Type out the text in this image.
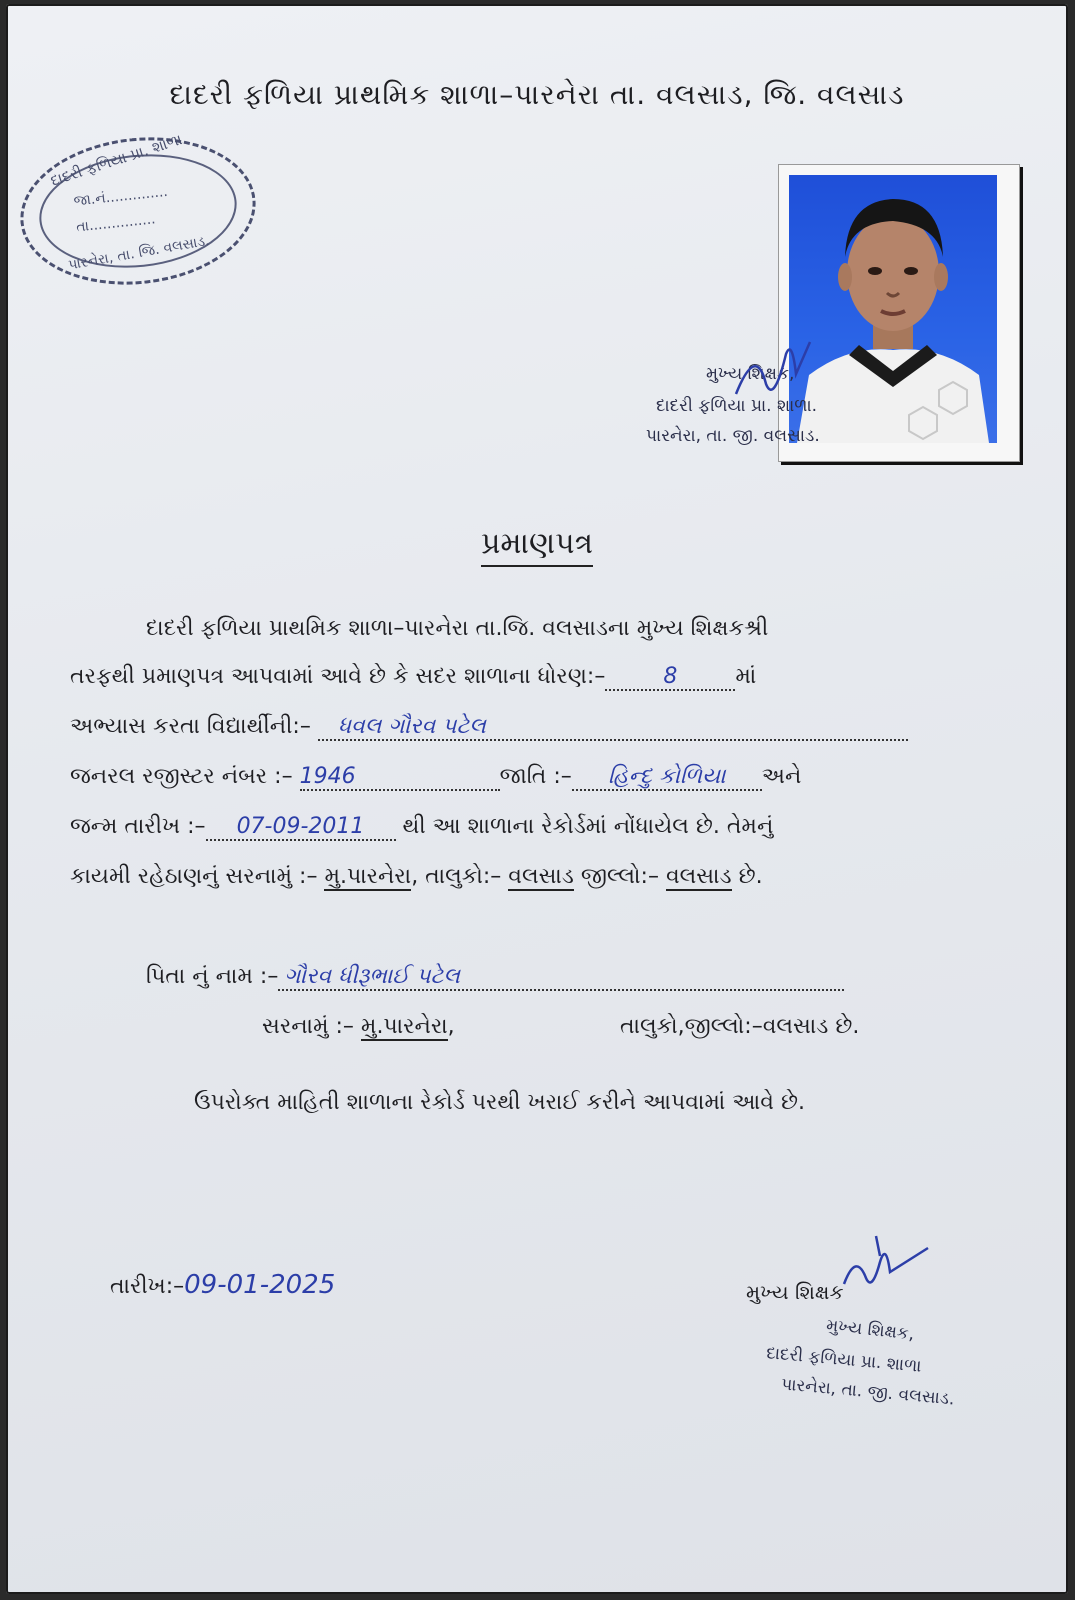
દાદરી ફળિયા પ્રાથમિક શાળા–પારનેરા તા. વલસાડ, જિ. વલસાડ
દાદરી ફળિયા પ્રા. શાળા
જા.નં..............
તા...............
પારનેરા, તા. જિ. વલસાડ.
મુખ્ય શિક્ષક,
દાદરી ફળિયા પ્રા. શાળા.
પારનેરા, તા. જી. વલસાડ.
પ્રમાણપત્ર
દાદરી ફળિયા પ્રાથમિક શાળા–પારનેરા તા.જિ. વલસાડના મુખ્ય શિક્ષકશ્રી
તરફથી પ્રમાણપત્ર આપવામાં આવે છે કે સદર શાળાના ધોરણ:–	8	માં
અભ્યાસ કરતા વિદ્યાર્થીની:– ધવલ ગૌરવ પટેલ
જનરલ રજીસ્ટર નંબર :– 1946	જાતિ :– હિન્દુ કોળિયા અને
જન્મ તારીખ :– 07-09-2011 થી આ શાળાના રેકોર્ડમાં નોંધાયેલ છે. તેમનું
કાયમી રહેઠાણનું સરનામું :– મુ.પારનેરા, તાલુકો:– વલસાડ જીલ્લો:– વલસાડ છે.
પિતા નું નામ :– ગૌરવ ધીરૂભાઈ પટેલ
સરનામું :– મુ.પારનેરા,	તાલુકો,જીલ્લો:–વલસાડ છે.
ઉપરોક્ત માહિતી શાળાના રેકોર્ડ પરથી ખરાઈ કરીને આપવામાં આવે છે.
તારીખ:–09-01-2025	મુખ્ય શિક્ષક
મુખ્ય શિક્ષક,
દાદરી ફળિયા પ્રા. શાળા
પારનેરા, તા. જી. વલસાડ.
